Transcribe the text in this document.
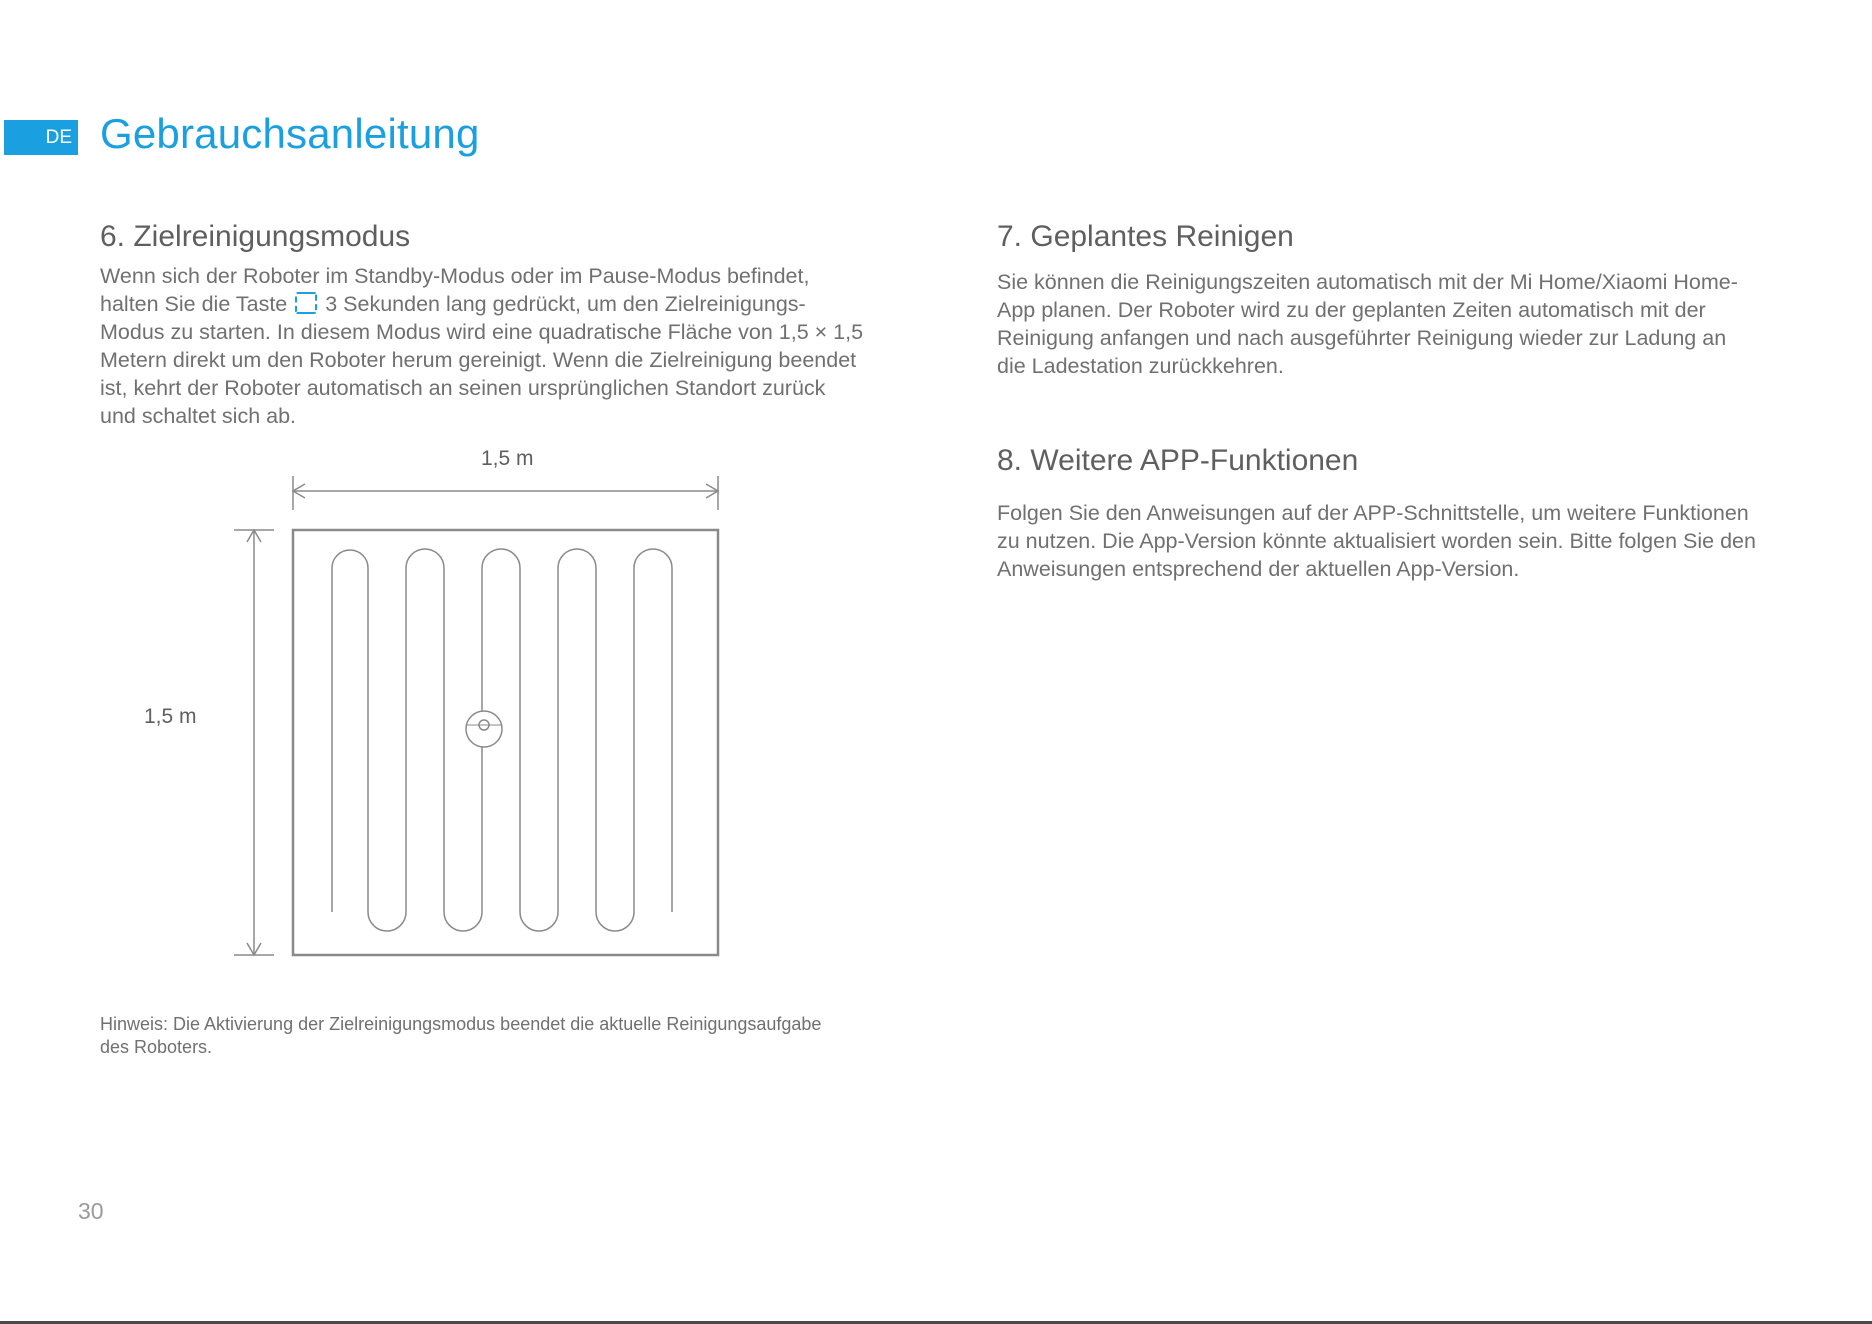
DE Gebrauchsanleitung
6. Zielreinigungsmodus
Wenn sich der Roboter im Standby-Modus oder im Pause-Modus befindet,
halten Sie die Taste 3 Sekunden lang gedrückt, um den Zielreinigungs-
Modus zu starten. In diesem Modus wird eine quadratische Fläche von 1,5 × 1,5
Metern direkt um den Roboter herum gereinigt. Wenn die Zielreinigung beendet
ist, kehrt der Roboter automatisch an seinen ursprünglichen Standort zurück
und schaltet sich ab.
1,5 m
1,5 m
Hinweis: Die Aktivierung der Zielreinigungsmodus beendet die aktuelle Reinigungsaufgabe
des Roboters.
7. Geplantes Reinigen
Sie können die Reinigungszeiten automatisch mit der Mi Home/Xiaomi Home-
App planen. Der Roboter wird zu der geplanten Zeiten automatisch mit der
Reinigung anfangen und nach ausgeführter Reinigung wieder zur Ladung an
die Ladestation zurückkehren.
8. Weitere APP-Funktionen
Folgen Sie den Anweisungen auf der APP-Schnittstelle, um weitere Funktionen
zu nutzen. Die App-Version könnte aktualisiert worden sein. Bitte folgen Sie den
Anweisungen entsprechend der aktuellen App-Version.
30
